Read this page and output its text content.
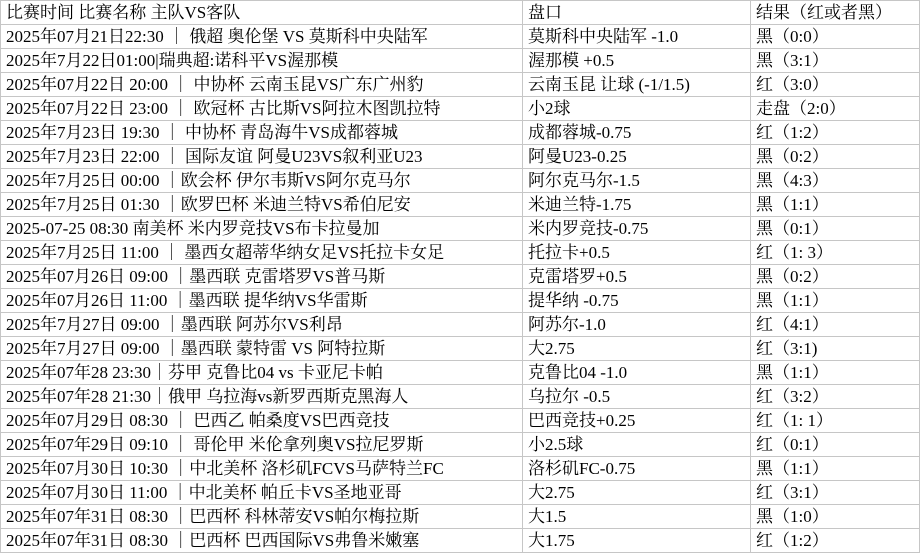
比赛时间 比赛名称 主队VS客队	盘口	结果（红或者黑）
2025年07月21日22:30 ｜ 俄超 奥伦堡 VS 莫斯科中央陆军	莫斯科中央陆军 -1.0	黑（0:0）
2025年7月22日01:00|瑞典超:诺科平VS渥那模	渥那模 +0.5	黑（3:1）
2025年07月22日 20:00 ｜ 中协杯 云南玉昆VS广东广州豹	云南玉昆 让球 (-1/1.5)	红（3:0）
2025年07月22日 23:00 ｜ 欧冠杯 古比斯VS阿拉木图凯拉特	小2球	走盘（2:0）
2025年7月23日 19:30 ｜ 中协杯 青岛海牛VS成都蓉城	成都蓉城-0.75	红（1:2）
2025年7月23日 22:00 ｜ 国际友谊 阿曼U23VS叙利亚U23	阿曼U23-0.25	黑（0:2）
2025年7月25日 00:00 ｜欧会杯 伊尔韦斯VS阿尔克马尔	阿尔克马尔-1.5	黑（4:3）
2025年7月25日 01:30 ｜欧罗巴杯 米迪兰特VS希伯尼安	米迪兰特-1.75	黑（1:1）
2025-07-25 08:30 南美杯 米内罗竞技VS布卡拉曼加	米内罗竞技-0.75	黑（0:1）
2025年7月25日 11:00 ｜ 墨西女超蒂华纳女足VS托拉卡女足	托拉卡+0.5	红（1: 3）
2025年07月26日 09:00 ｜墨西联 克雷塔罗VS普马斯	克雷塔罗+0.5	黑（0:2）
2025年07月26日 11:00 ｜墨西联 提华纳VS华雷斯	提华纳 -0.75	黑（1:1）
2025年7月27日 09:00 ｜墨西联 阿苏尔VS利昂	阿苏尔-1.0	红（4:1）
2025年7月27日 09:00 ｜墨西联 蒙特雷 VS 阿特拉斯	大2.75	红（3:1)
2025年07年28 23:30｜芬甲 克鲁比04 vs 卡亚尼卡帕	克鲁比04 -1.0	黑（1:1）
2025年07年28 21:30｜俄甲 乌拉海vs新罗西斯克黑海人	乌拉尔 -0.5	红（3:2）
2025年07月29日 08:30 ｜ 巴西乙 帕桑度VS巴西竞技	巴西竞技+0.25	红（1: 1）
2025年07年29日 09:10 ｜ 哥伦甲 米伦拿列奥VS拉尼罗斯	小2.5球	红（0:1）
2025年07月30日 10:30 ｜中北美杯 洛杉矶FCVS马萨特兰FC	洛杉矶FC-0.75	黑（1:1）
2025年07月30日 11:00 ｜中北美杯 帕丘卡VS圣地亚哥	大2.75	红（3:1）
2025年07年31日 08:30 ｜巴西杯 科林蒂安VS帕尔梅拉斯	大1.5	黑（1:0）
2025年07年31日 08:30 ｜巴西杯 巴西国际VS弗鲁米嫩塞	大1.75	红（1:2）
